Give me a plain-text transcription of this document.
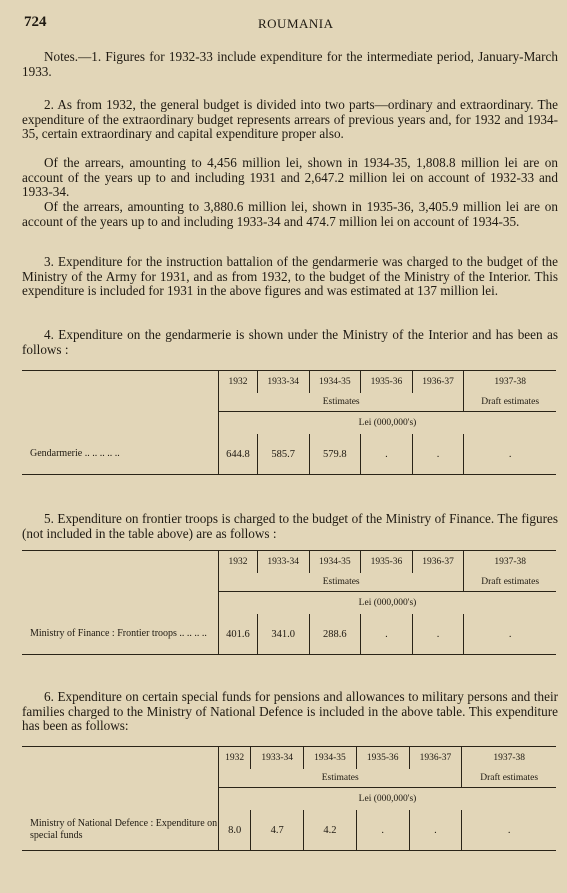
724	ROUMANIA

Notes.—1. Figures for 1932-33 include expenditure for the intermediate period, January-March 1933.

2. As from 1932, the general budget is divided into two parts—ordinary and extraordinary. The expenditure of the extraordinary budget represents arrears of previous years and, for 1932 and 1934-35, certain extraordinary and capital expenditure proper also.

Of the arrears, amounting to 4,456 million lei, shown in 1934-35, 1,808.8 million lei are on account of the years up to and including 1931 and 2,647.2 million lei on account of 1932-33 and 1933-34.

Of the arrears, amounting to 3,880.6 million lei, shown in 1935-36, 3,405.9 million lei are on account of the years up to and including 1933-34 and 474.7 million lei on account of 1934-35.

3. Expenditure for the instruction battalion of the gendarmerie was charged to the budget of the Ministry of the Army for 1931, and as from 1932, to the budget of the Ministry of the Interior. This expenditure is included for 1931 in the above figures and was estimated at 137 million lei.

4. Expenditure on the gendarmerie is shown under the Ministry of the Interior and has been as follows :

	1932	1933-34	1934-35	1935-36	1936-37	1937-38
	Estimates					Draft estimates
	Lei (000,000's)					
Gendarmerie .. .. .. .. ..	644.8	585.7	579.8	.	.	.

5. Expenditure on frontier troops is charged to the budget of the Ministry of Finance. The figures (not included in the table above) are as follows :

	1932	1933-34	1934-35	1935-36	1936-37	1937-38
	Estimates					Draft estimates
	Lei (000,000's)					
Ministry of Finance : Frontier troops .. .. .. ..	401.6	341.0	288.6	.	.	.

6. Expenditure on certain special funds for pensions and allowances to military persons and their families charged to the Ministry of National Defence is included in the above table. This expenditure has been as follows:

	1932	1933-34	1934-35	1935-36	1936-37	1937-38
	Estimates					Draft estimates
	Lei (000,000's)					
Ministry of National Defence : Expenditure on special funds	8.0	4.7	4.2	.	.	.
